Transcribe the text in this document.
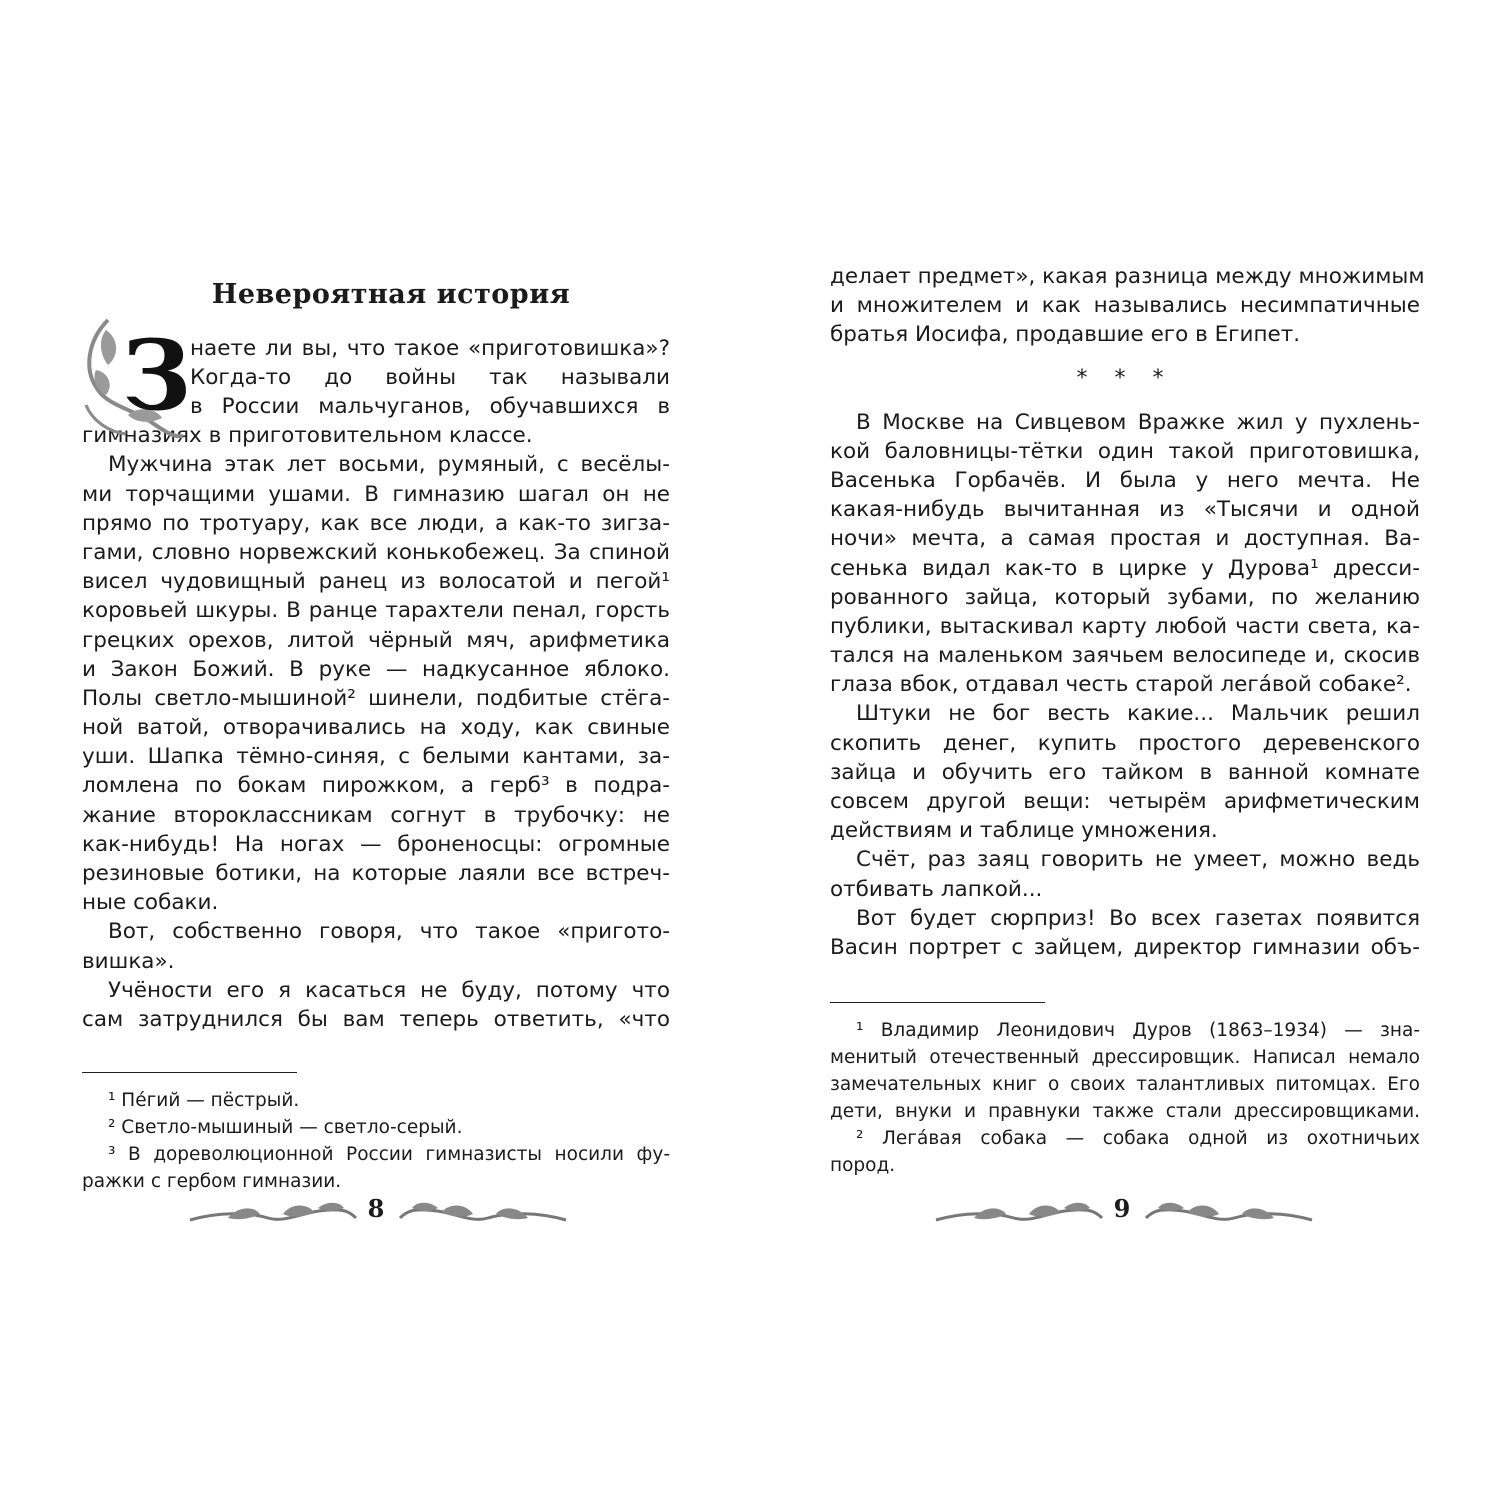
Невероятная история
З
наете ли вы, что такое «приготовишка»? Когда-то до войны так называли
в России мальчуганов, обучавшихся в
гимназиях в приготовительном классе.
Мужчина этак лет восьми, румяный, с весёлы-
ми торчащими ушами. В гимназию шагал он не
прямо по тротуару, как все люди, а как-то зигза-
гами, словно норвежский конькобежец. За спиной
висел чудовищный ранец из волосатой и пегой¹
коровьей шкуры. В ранце тарахтели пенал, горсть
грецких орехов, литой чёрный мяч, арифметика
и Закон Божий. В руке — надкусанное яблоко.
Полы светло-мышиной² шинели, подбитые стёга-
ной ватой, отворачивались на ходу, как свиные
уши. Шапка тёмно-синяя, с белыми кантами, за-
ломлена по бокам пирожком, а герб³ в подра-
жание второклассникам согнут в трубочку: не
как-нибудь! На ногах — броненосцы: огромные
резиновые ботики, на которые лаяли все встреч-
ные собаки.
Вот, собственно говоря, что такое «пригото-
вишка».
Учёности его я касаться не буду, потому что
сам затруднился бы вам теперь ответить, «что
¹ Пе́гий — пёстрый.
² Светло-мышиный — светло-серый.
³ В дореволюционной России гимназисты носили фу-
ражки с гербом гимназии.
делает предмет», какая разница между множимым
и множителем и как назывались несимпатичные
братья Иосифа, продавшие его в Египет.
* * *
В Москве на Сивцевом Вражке жил у пухлень-
кой баловницы-тётки один такой приготовишка,
Васенька Горбачёв. И была у него мечта. Не
какая-нибудь вычитанная из «Тысячи и одной
ночи» мечта, а самая простая и доступная. Ва-
сенька видал как-то в цирке у Дурова¹ дресси-
рованного зайца, который зубами, по желанию
публики, вытаскивал карту любой части света, ка-
тался на маленьком заячьем велосипеде и, скосив
глаза вбок, отдавал честь старой лега́вой собаке².
Штуки не бог весть какие... Мальчик решил
скопить денег, купить простого деревенского
зайца и обучить его тайком в ванной комнате
совсем другой вещи: четырём арифметическим
действиям и таблице умножения.
Счёт, раз заяц говорить не умеет, можно ведь
отбивать лапкой...
Вот будет сюрприз! Во всех газетах появится
Васин портрет с зайцем, директор гимназии объ-
¹ Владимир Леонидович Дуров (1863–1934) — зна-
менитый отечественный дрессировщик. Написал немало
замечательных книг о своих талантливых питомцах. Его
дети, внуки и правнуки также стали дрессировщиками.
² Лега́вая собака — собака одной из охотничьих
пород.
8	9
